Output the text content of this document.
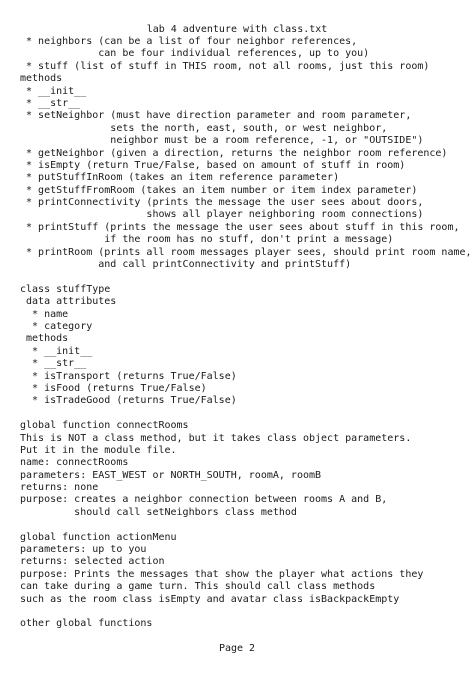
lab 4 adventure with class.txt
* neighbors (can be a list of four neighbor references,
can be four individual references, up to you)
* stuff (list of stuff in THIS room, not all rooms, just this room)
methods
* __init__
* __str__
* setNeighbor (must have direction parameter and room parameter,
sets the north, east, south, or west neighbor,
neighbor must be a room reference, -1, or "OUTSIDE")
* getNeighbor (given a direction, returns the neighbor room reference)
* isEmpty (return True/False, based on amount of stuff in room)
* putStuffInRoom (takes an item reference parameter)
* getStuffFromRoom (takes an item number or item index parameter)
* printConnectivity (prints the message the user sees about doors,
shows all player neighboring room connections)
* printStuff (prints the message the user sees about stuff in this room,
if the room has no stuff, don't print a message)
* printRoom (prints all room messages player sees, should print room name,
and call printConnectivity and printStuff)
class stuffType
data attributes
* name
* category
methods
* __init__
* __str__
* isTransport (returns True/False)
* isFood (returns True/False)
* isTradeGood (returns True/False)
global function connectRooms
This is NOT a class method, but it takes class object parameters.
Put it in the module file.
name: connectRooms
parameters: EAST_WEST or NORTH_SOUTH, roomA, roomB
returns: none
purpose: creates a neighbor connection between rooms A and B,
should call setNeighbors class method
global function actionMenu
parameters: up to you
returns: selected action
purpose: Prints the messages that show the player what actions they
can take during a game turn. This should call class methods
such as the room class isEmpty and avatar class isBackpackEmpty
other global functions
Page 2
